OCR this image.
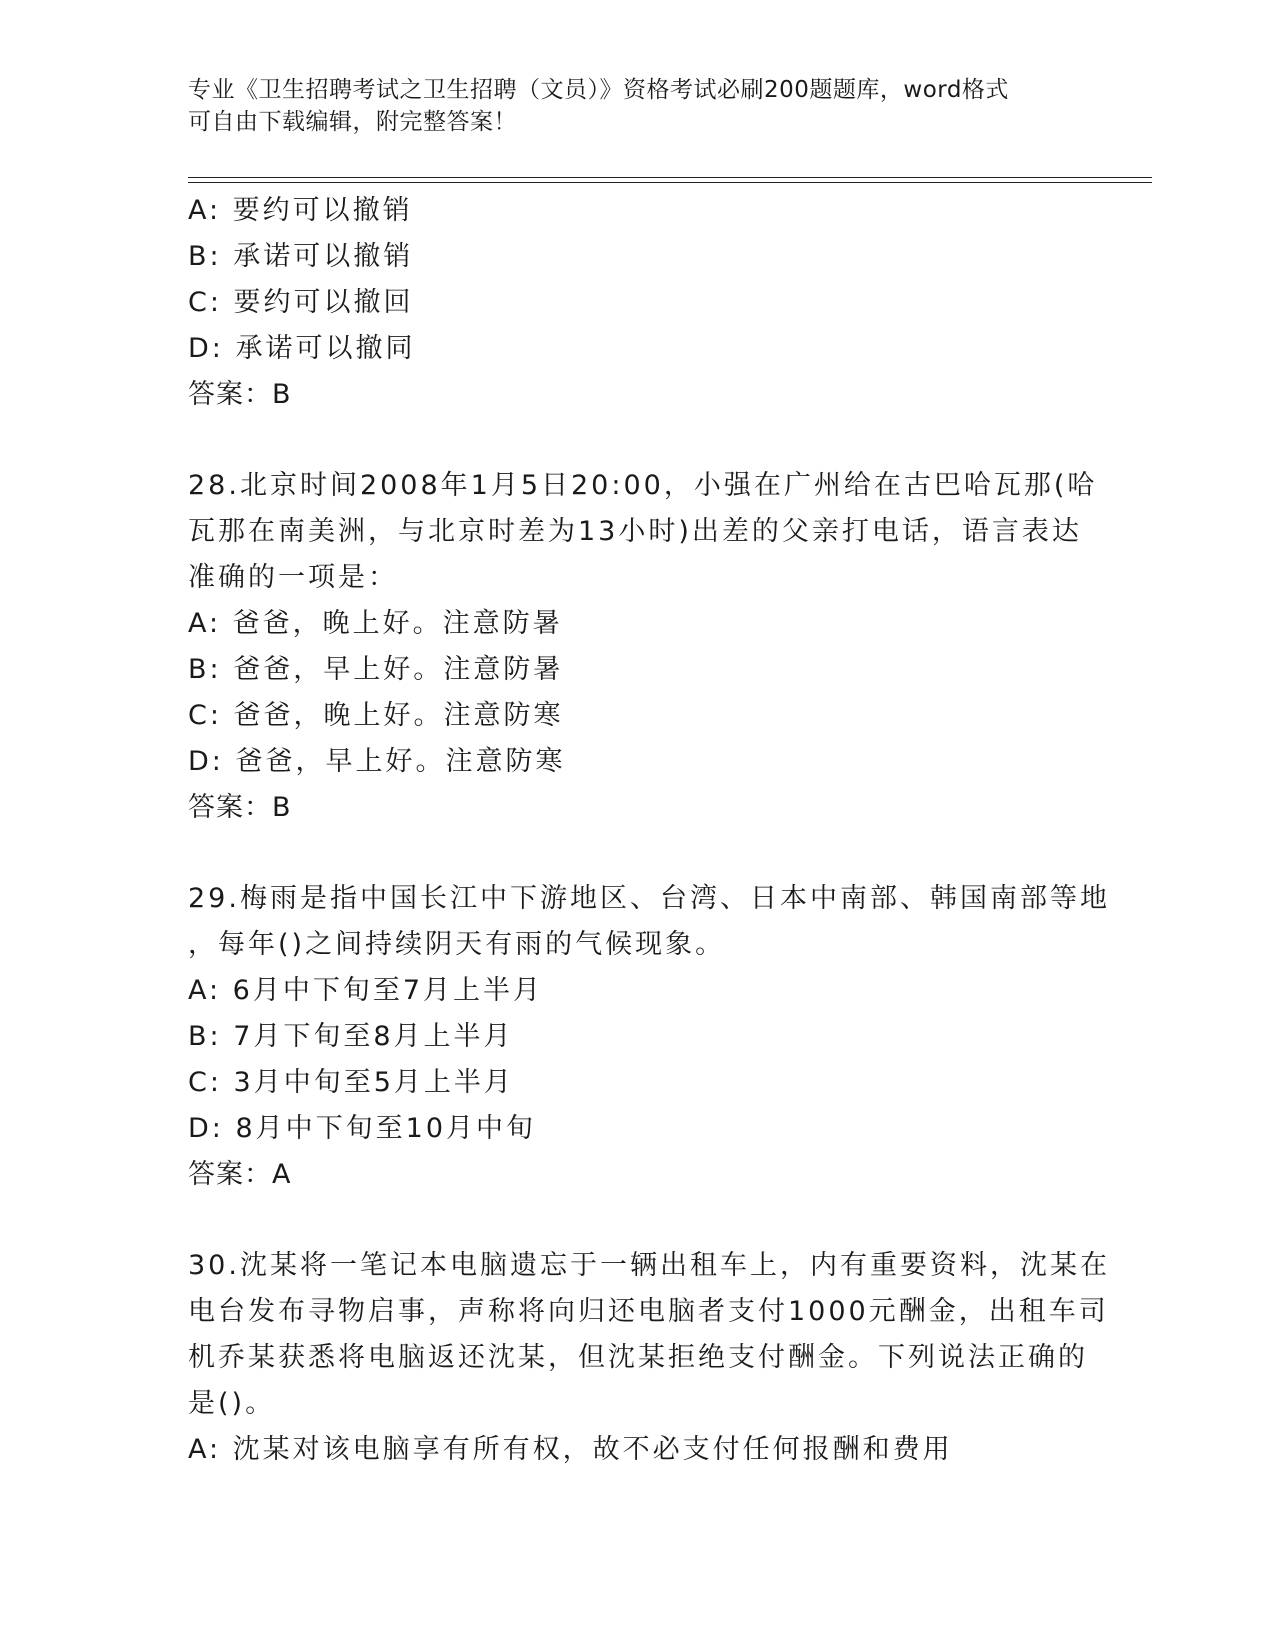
专业《卫生招聘考试之卫生招聘（文员）》资格考试必刷200题题库，word格式
可自由下载编辑，附完整答案！
A: 要约可以撤销
B: 承诺可以撤销
C: 要约可以撤回
D: 承诺可以撤同
答案：B
28.北京时间2008年1月5日20:00，小强在广州给在古巴哈瓦那(哈
瓦那在南美洲，与北京时差为13小时)出差的父亲打电话，语言表达
准确的一项是：
A: 爸爸，晚上好。注意防暑
B: 爸爸，早上好。注意防暑
C: 爸爸，晚上好。注意防寒
D: 爸爸，早上好。注意防寒
答案：B
29.梅雨是指中国长江中下游地区、台湾、日本中南部、韩国南部等地
，每年()之间持续阴天有雨的气候现象。
A: 6月中下旬至7月上半月
B: 7月下旬至8月上半月
C: 3月中旬至5月上半月
D: 8月中下旬至10月中旬
答案：A
30.沈某将一笔记本电脑遗忘于一辆出租车上，内有重要资料，沈某在
电台发布寻物启事，声称将向归还电脑者支付1000元酬金，出租车司
机乔某获悉将电脑返还沈某，但沈某拒绝支付酬金。下列说法正确的
是()。
A: 沈某对该电脑享有所有权，故不必支付任何报酬和费用
